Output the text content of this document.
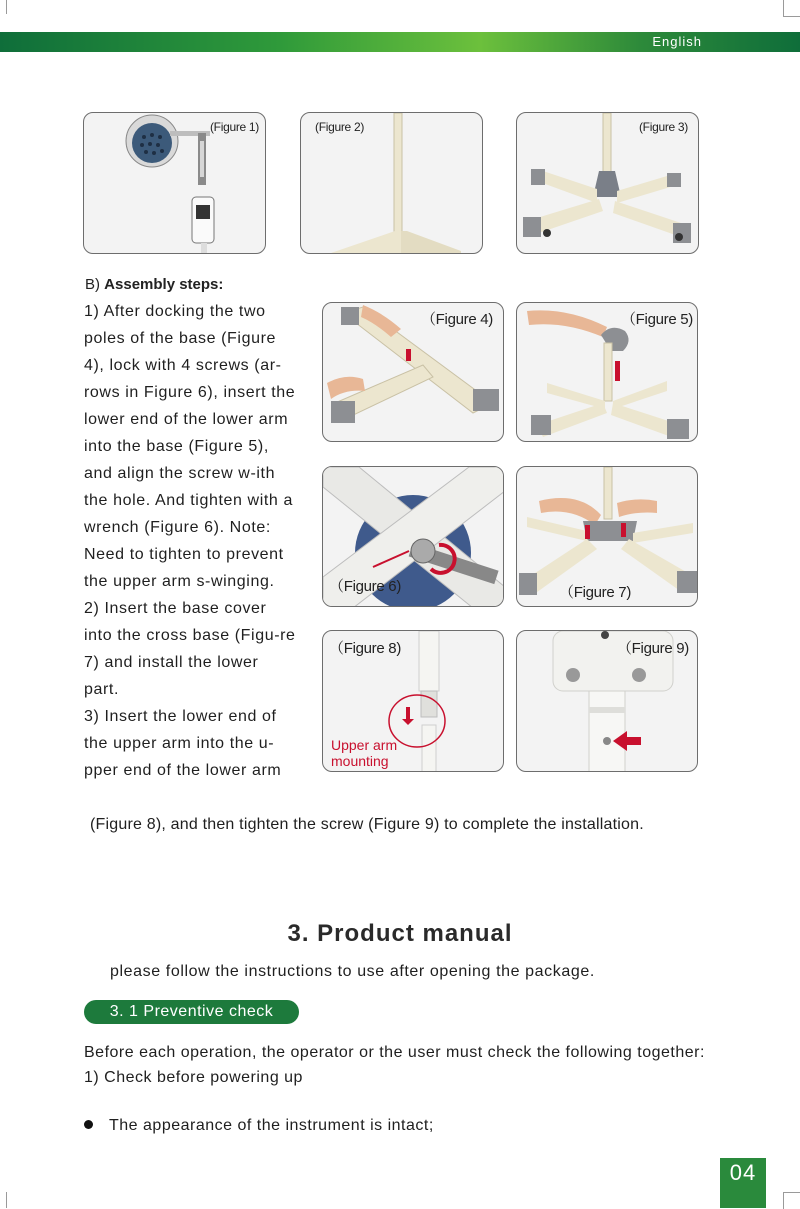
English
(Figure 1)	(Figure 2)	(Figure 3)
B) Assembly steps:

1) After docking the two poles of the base (Figure 4), lock with 4 screws (ar-rows in Figure 6), insert the lower end of the lower arm into the base (Figure 5), and align the screw w-ith the hole. And tighten with a wrench (Figure 6). Note: Need to tighten to prevent the upper arm s-winging.

2) Insert the base cover into the cross base (Figu-re 7) and install the lower part.

3) Insert the lower end of the upper arm into the u-pper end of the lower arm

（Figure 4)	（Figure 5)
（Figure 6)	（Figure 7)
（Figure 8)
Upper arm
mounting
（Figure 9)
(Figure 8), and then tighten the screw (Figure 9) to complete the installation.
3. Product manual
please follow the instructions to use after opening the package.
3. 1 Preventive check

Before each operation, the operator or the user must check the following together:

1) Check before powering up

The appearance of the instrument is intact;
04
